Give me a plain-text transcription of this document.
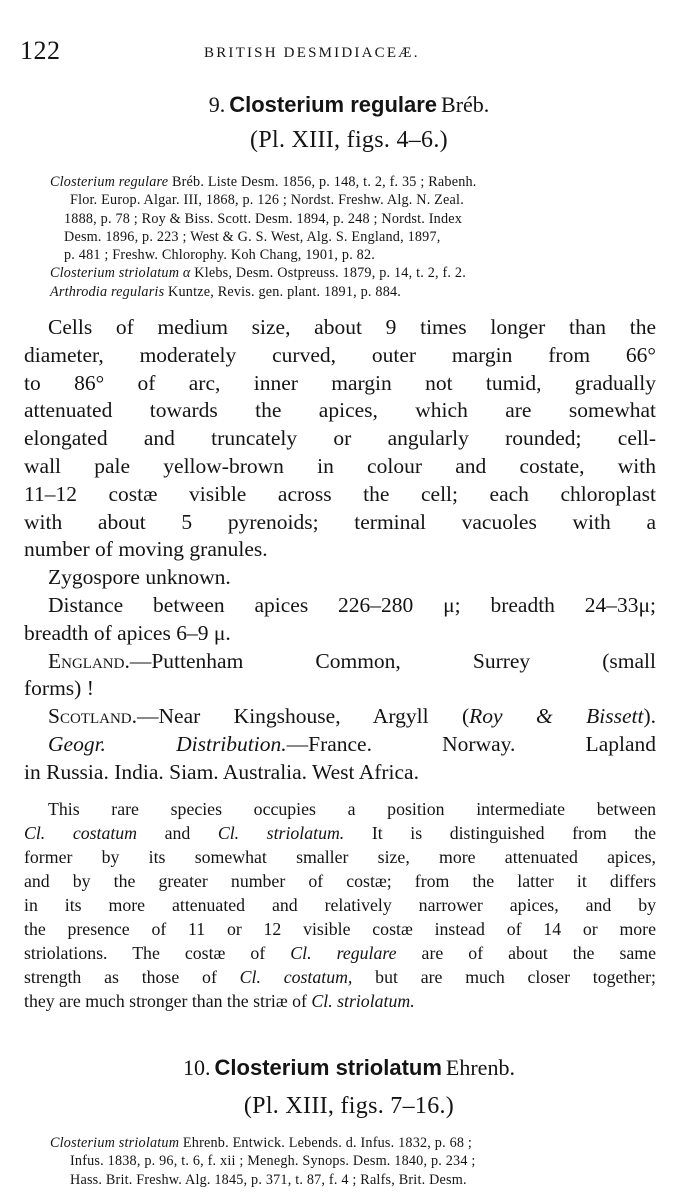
122	BRITISH DESMIDIACEÆ.
9. Closterium regulare Bréb.
(Pl. XIII, figs. 4–6.)
Closterium regulare Bréb. Liste Desm. 1856, p. 148, t. 2, f. 35 ; Rabenh.
Flor. Europ. Algar. III, 1868, p. 126 ; Nordst. Freshw. Alg. N. Zeal.
1888, p. 78 ; Roy & Biss. Scott. Desm. 1894, p. 248 ; Nordst. Index
Desm. 1896, p. 223 ; West & G. S. West, Alg. S. England, 1897,
p. 481 ; Freshw. Chlorophy. Koh Chang, 1901, p. 82.
Closterium striolatum α Klebs, Desm. Ostpreuss. 1879, p. 14, t. 2, f. 2.
Arthrodia regularis Kuntze, Revis. gen. plant. 1891, p. 884.
Cells of medium size, about 9 times longer than the
diameter, moderately curved, outer margin from 66°
to 86° of arc, inner margin not tumid, gradually
attenuated towards the apices, which are somewhat
elongated and truncately or angularly rounded; cell-
wall pale yellow-brown in colour and costate, with
11–12 costæ visible across the cell; each chloroplast
with about 5 pyrenoids; terminal vacuoles with a
number of moving granules.
Zygospore unknown.
Distance between apices 226–280 μ; breadth 24–33μ;
breadth of apices 6–9 μ.
England.—Puttenham Common, Surrey (small
forms) !
Scotland.—Near Kingshouse, Argyll (Roy & Bissett).
Geogr. Distribution.—France. Norway. Lapland
in Russia. India. Siam. Australia. West Africa.
This rare species occupies a position intermediate between
Cl. costatum and Cl. striolatum. It is distinguished from the
former by its somewhat smaller size, more attenuated apices,
and by the greater number of costæ; from the latter it differs
in its more attenuated and relatively narrower apices, and by
the presence of 11 or 12 visible costæ instead of 14 or more
striolations. The costæ of Cl. regulare are of about the same
strength as those of Cl. costatum, but are much closer together;
they are much stronger than the striæ of Cl. striolatum.
10. Closterium striolatum Ehrenb.
(Pl. XIII, figs. 7–16.)
Closterium striolatum Ehrenb. Entwick. Lebends. d. Infus. 1832, p. 68 ;
Infus. 1838, p. 96, t. 6, f. xii ; Menegh. Synops. Desm. 1840, p. 234 ;
Hass. Brit. Freshw. Alg. 1845, p. 371, t. 87, f. 4 ; Ralfs, Brit. Desm.
